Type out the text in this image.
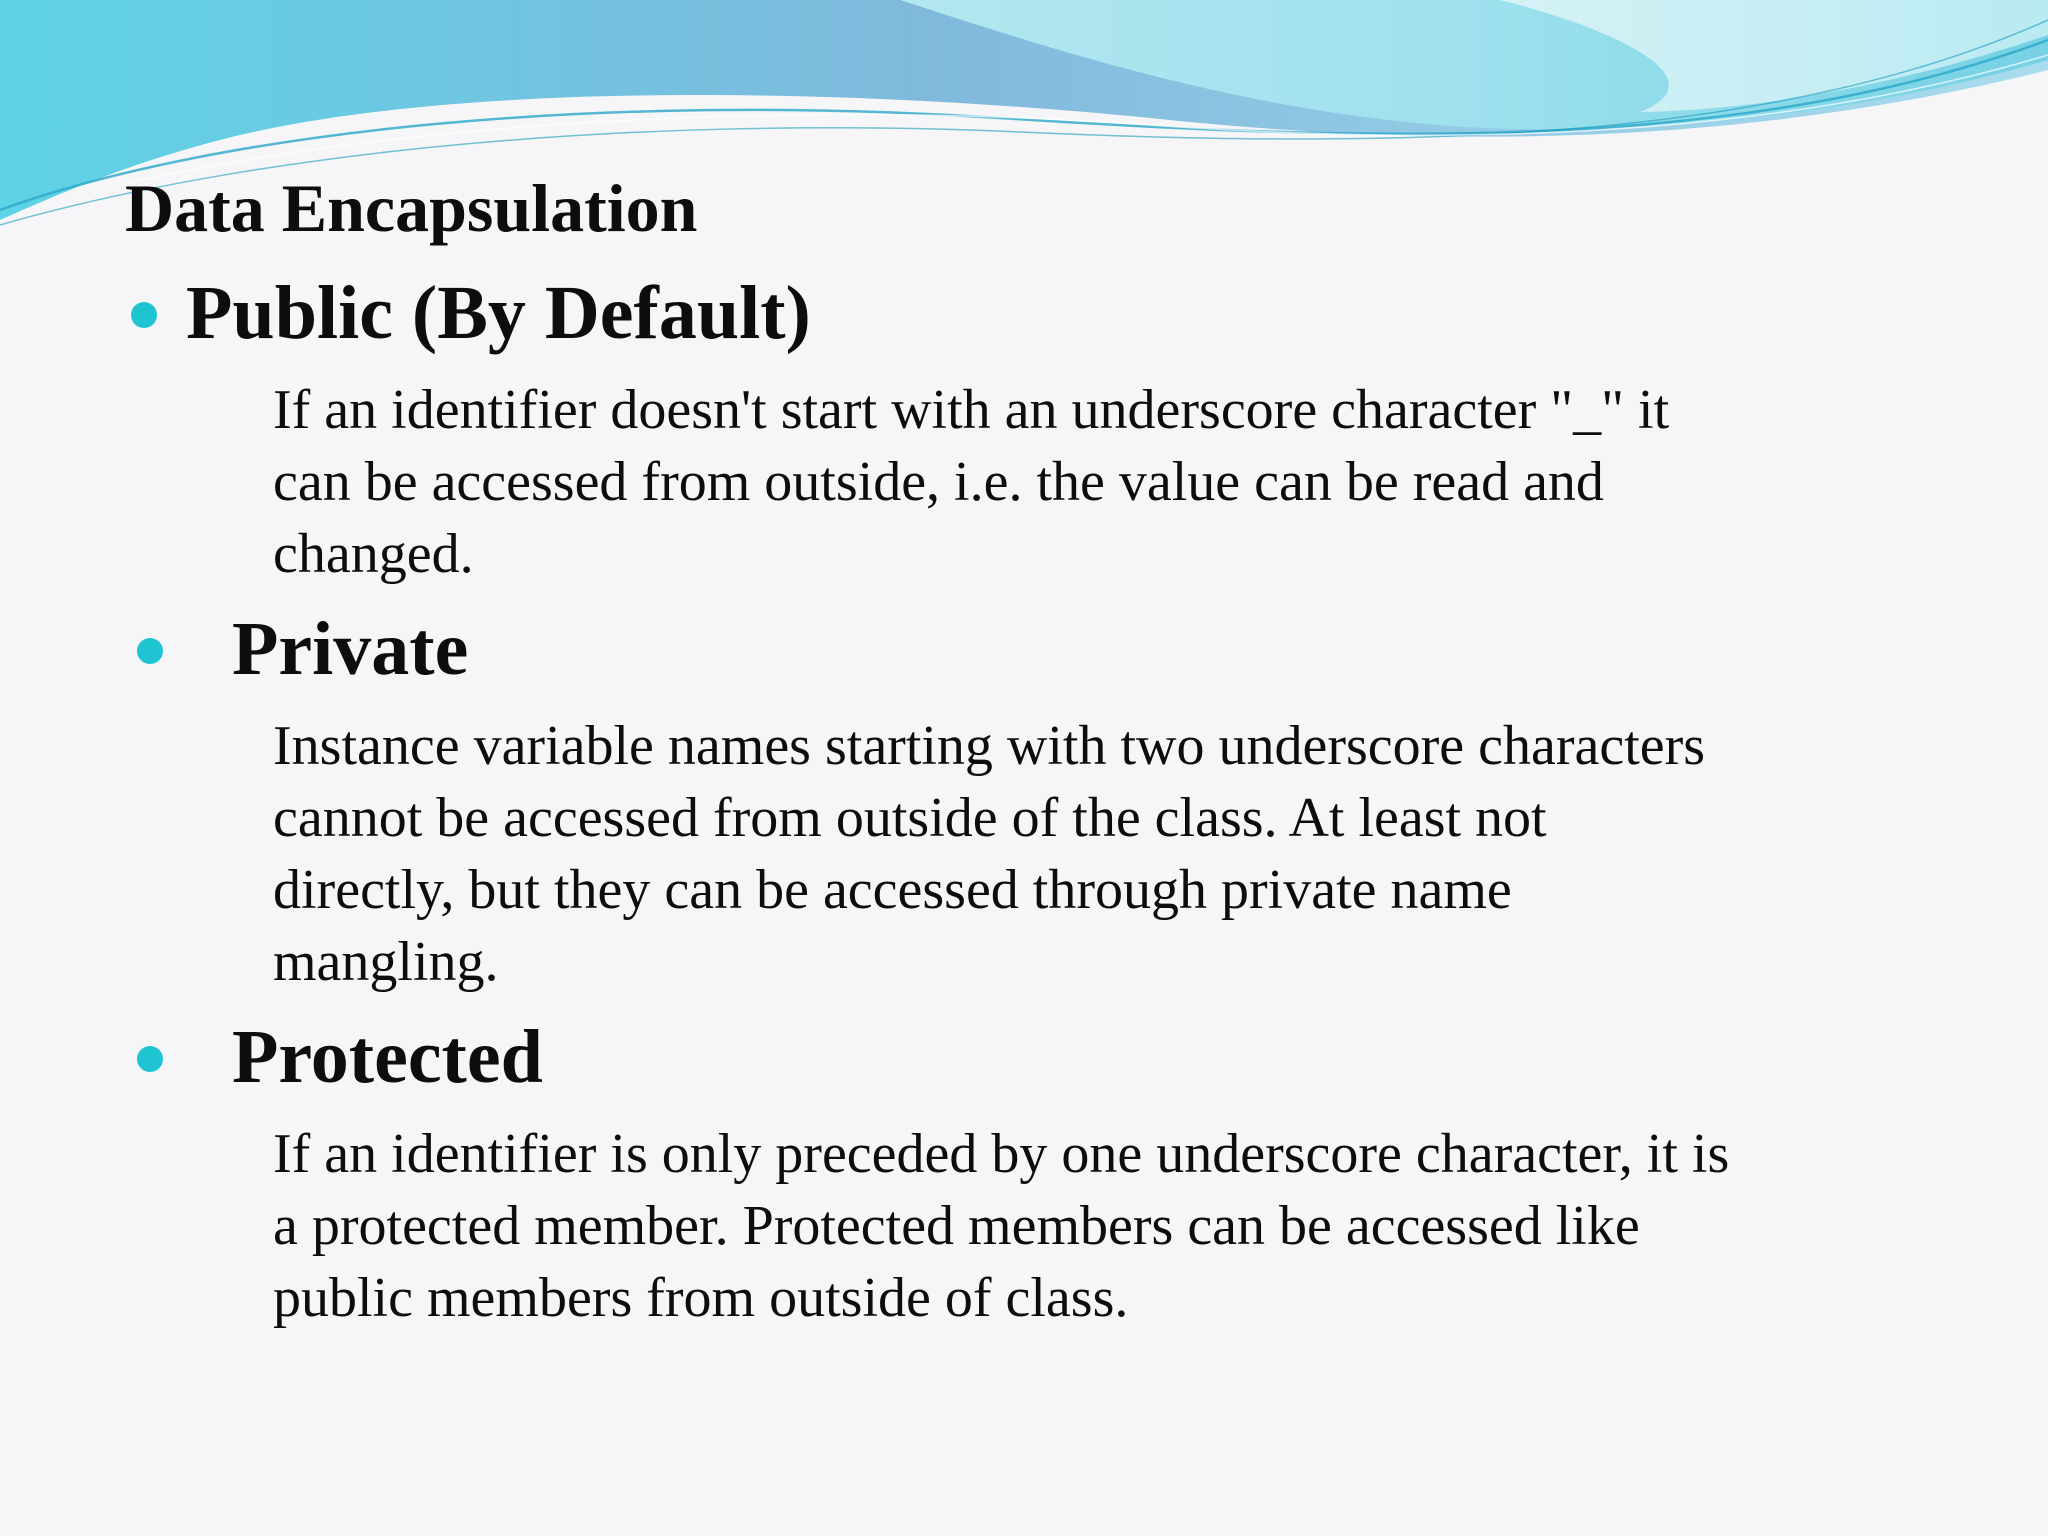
Data Encapsulation
Public (By Default)
If an identifier doesn't start with an underscore character "_" it
can be accessed from outside, i.e. the value can be read and
changed.
Private
Instance variable names starting with two underscore characters
cannot be accessed from outside of the class. At least not
directly, but they can be accessed through private name
mangling.
Protected
If an identifier is only preceded by one underscore character, it is
a protected member. Protected members can be accessed like
public members from outside of class.
